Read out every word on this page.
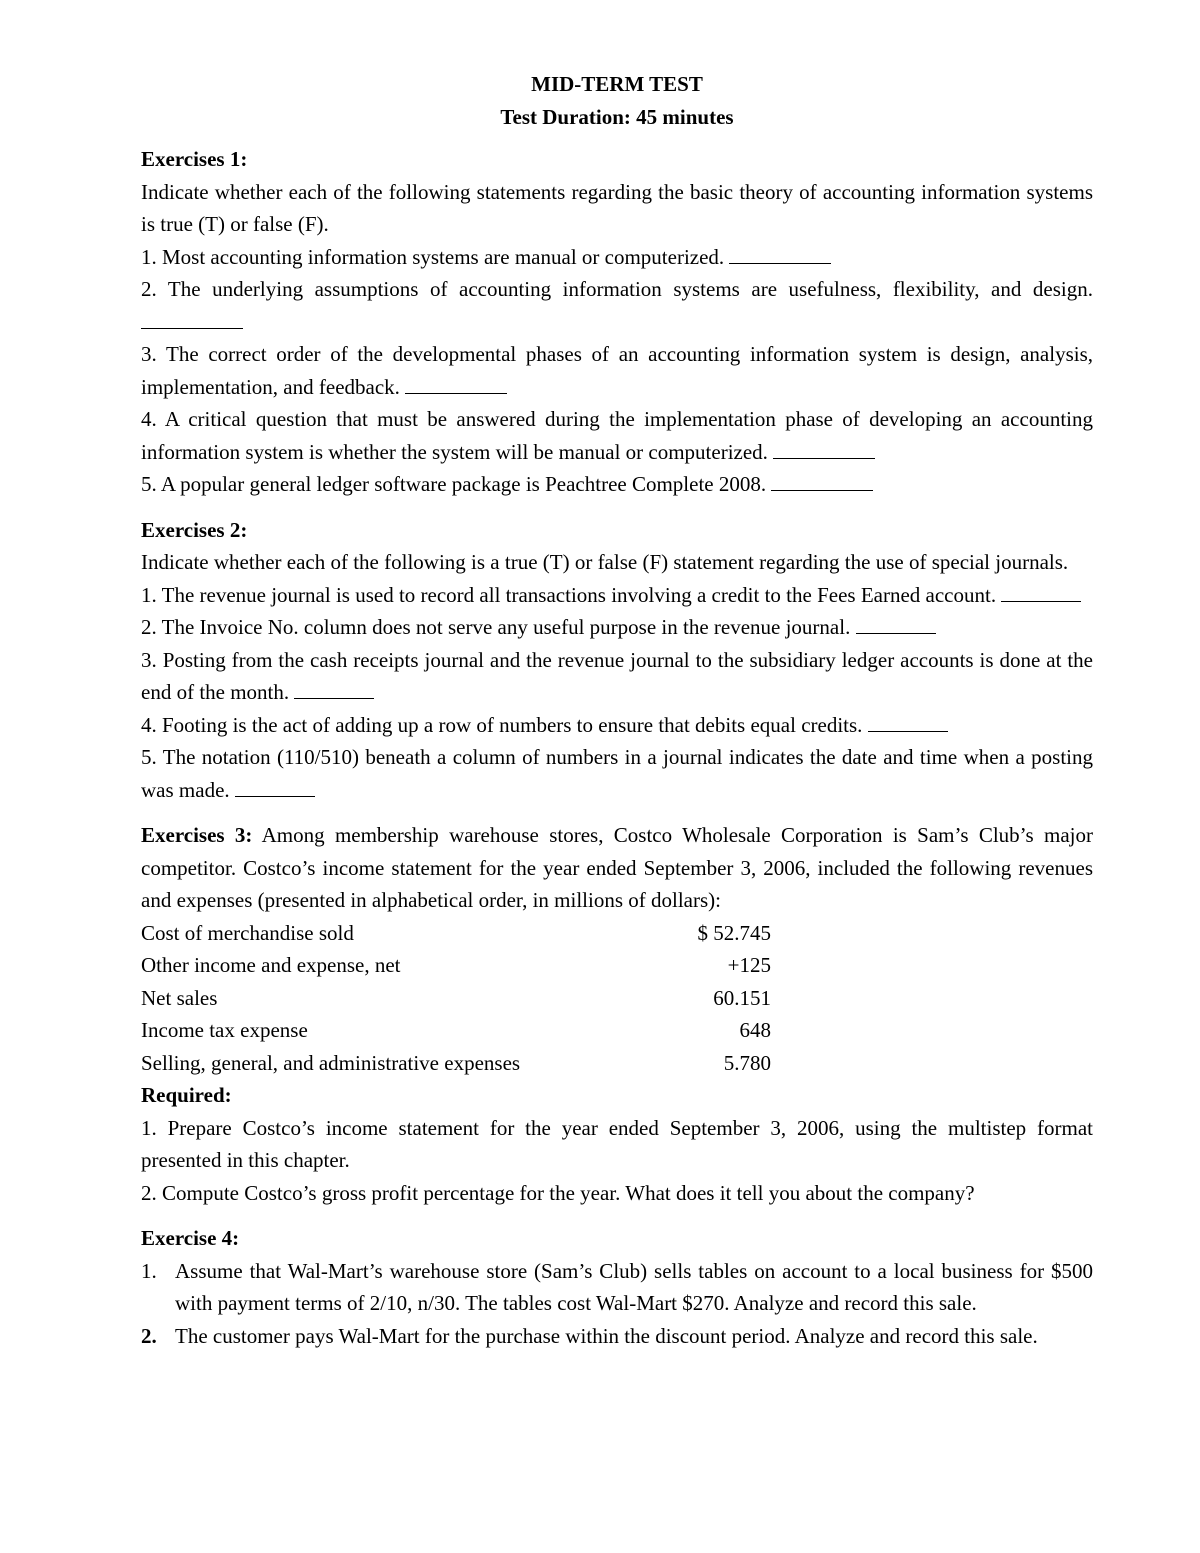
MID-TERM TEST

Test Duration: 45 minutes

Exercises 1:

Indicate whether each of the following statements regarding the basic theory of accounting information systems is true (T) or false (F).

1. Most accounting information systems are manual or computerized.

2. The underlying assumptions of accounting information systems are usefulness, flexibility, and design.

3. The correct order of the developmental phases of an accounting information system is design, analysis, implementation, and feedback.

4. A critical question that must be answered during the implementation phase of developing an accounting information system is whether the system will be manual or computerized.

5. A popular general ledger software package is Peachtree Complete 2008.

Exercises 2:

Indicate whether each of the following is a true (T) or false (F) statement regarding the use of special journals.

1. The revenue journal is used to record all transactions involving a credit to the Fees Earned account.

2. The Invoice No. column does not serve any useful purpose in the revenue journal.

3. Posting from the cash receipts journal and the revenue journal to the subsidiary ledger accounts is done at the end of the month.

4. Footing is the act of adding up a row of numbers to ensure that debits equal credits.

5. The notation (110/510) beneath a column of numbers in a journal indicates the date and time when a posting was made.

Exercises 3: Among membership warehouse stores, Costco Wholesale Corporation is Sam’s Club’s major competitor. Costco’s income statement for the year ended September 3, 2006, included the following revenues and expenses (presented in alphabetical order, in millions of dollars):

Cost of merchandise sold	$ 52.745
Other income and expense, net	+125
Net sales	60.151
Income tax expense	648
Selling, general, and administrative expenses	5.780

Required:

1. Prepare Costco’s income statement for the year ended September 3, 2006, using the multistep format presented in this chapter.

2. Compute Costco’s gross profit percentage for the year. What does it tell you about the company?

Exercise 4:

1. Assume that Wal-Mart’s warehouse store (Sam’s Club) sells tables on account to a local business for $500 with payment terms of 2/10, n/30. The tables cost Wal-Mart $270. Analyze and record this sale.
2. The customer pays Wal-Mart for the purchase within the discount period. Analyze and record this sale.
